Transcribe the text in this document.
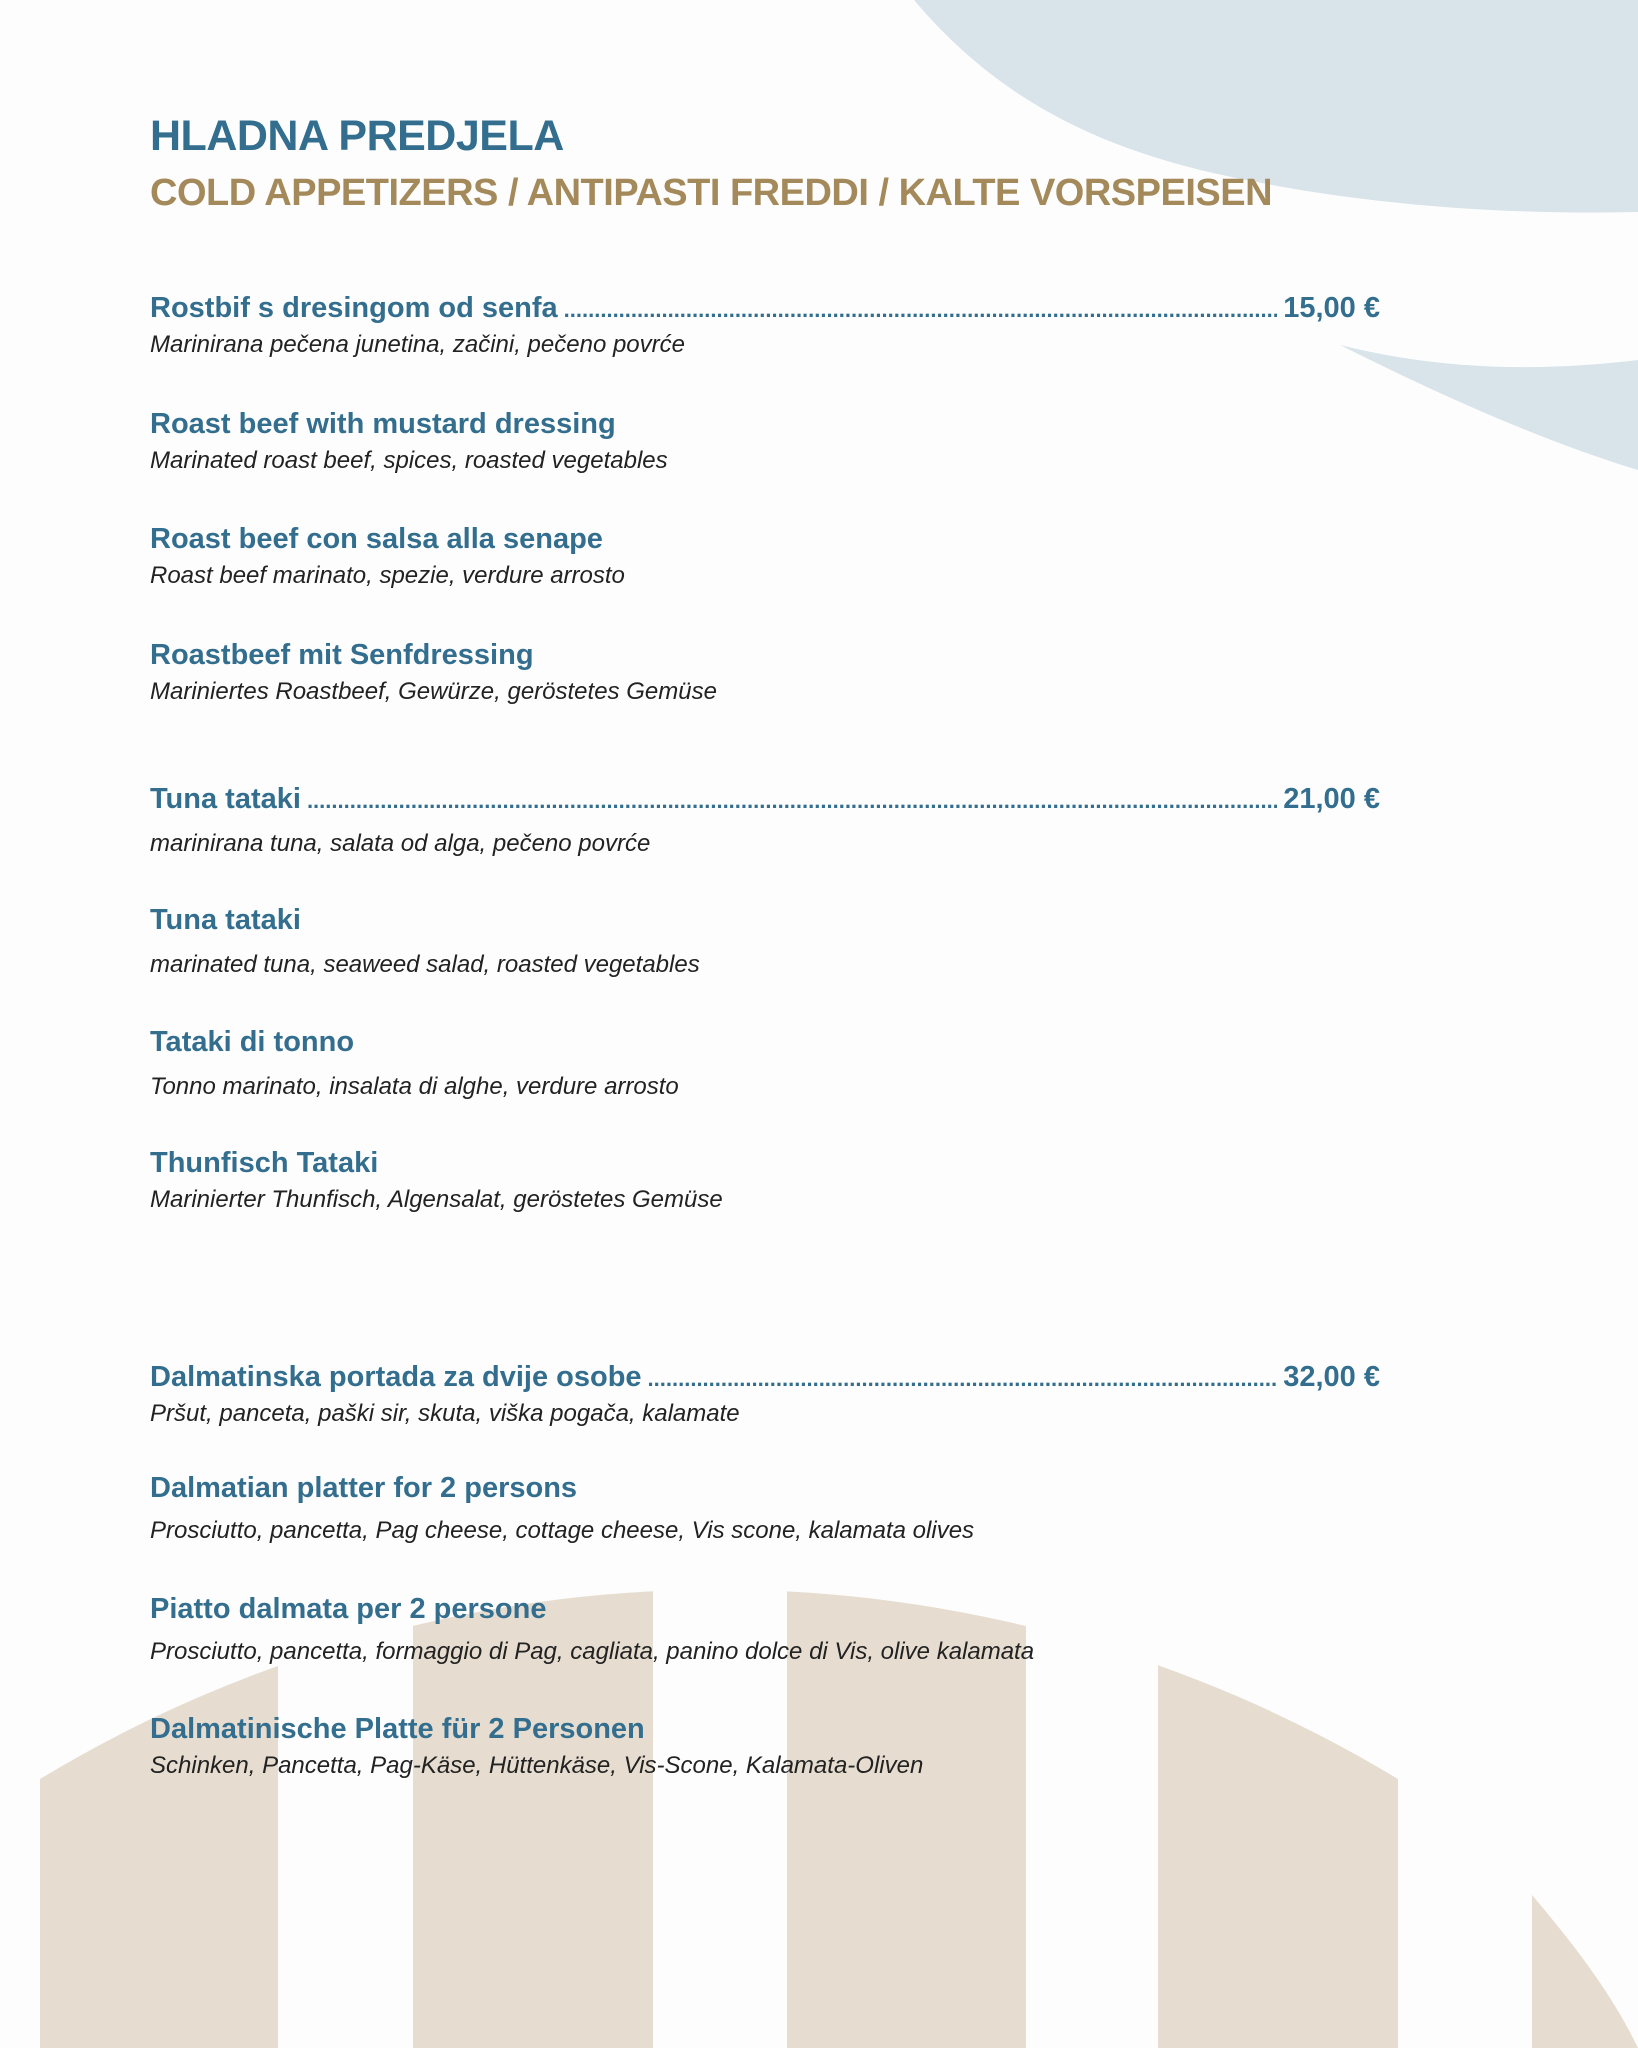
HLADNA PREDJELA
COLD APPETIZERS / ANTIPASTI FREDDI / KALTE VORSPEISEN
Rostbif s dresingom od senfa .....	15,00 €
Marinirana pečena junetina, začini, pečeno povrće
Roast beef with mustard dressing
Marinated roast beef, spices, roasted vegetables
Roast beef con salsa alla senape
Roast beef marinato, spezie, verdure arrosto
Roastbeef mit Senfdressing
Mariniertes Roastbeef, Gewürze, geröstetes Gemüse
Tuna tataki .....	21,00 €
marinirana tuna, salata od alga, pečeno povrće
Tuna tataki
marinated tuna, seaweed salad, roasted vegetables
Tataki di tonno
Tonno marinato, insalata di alghe, verdure arrosto
Thunfisch Tataki
Marinierter Thunfisch, Algensalat, geröstetes Gemüse
Dalmatinska portada za dvije osobe .....	32,00 €
Pršut, panceta, paški sir, skuta, viška pogača, kalamate
Dalmatian platter for 2 persons
Prosciutto, pancetta, Pag cheese, cottage cheese, Vis scone, kalamata olives
Piatto dalmata per 2 persone
Prosciutto, pancetta, formaggio di Pag, cagliata, panino dolce di Vis, olive kalamata
Dalmatinische Platte für 2 Personen
Schinken, Pancetta, Pag-Käse, Hüttenkäse, Vis-Scone, Kalamata-Oliven
